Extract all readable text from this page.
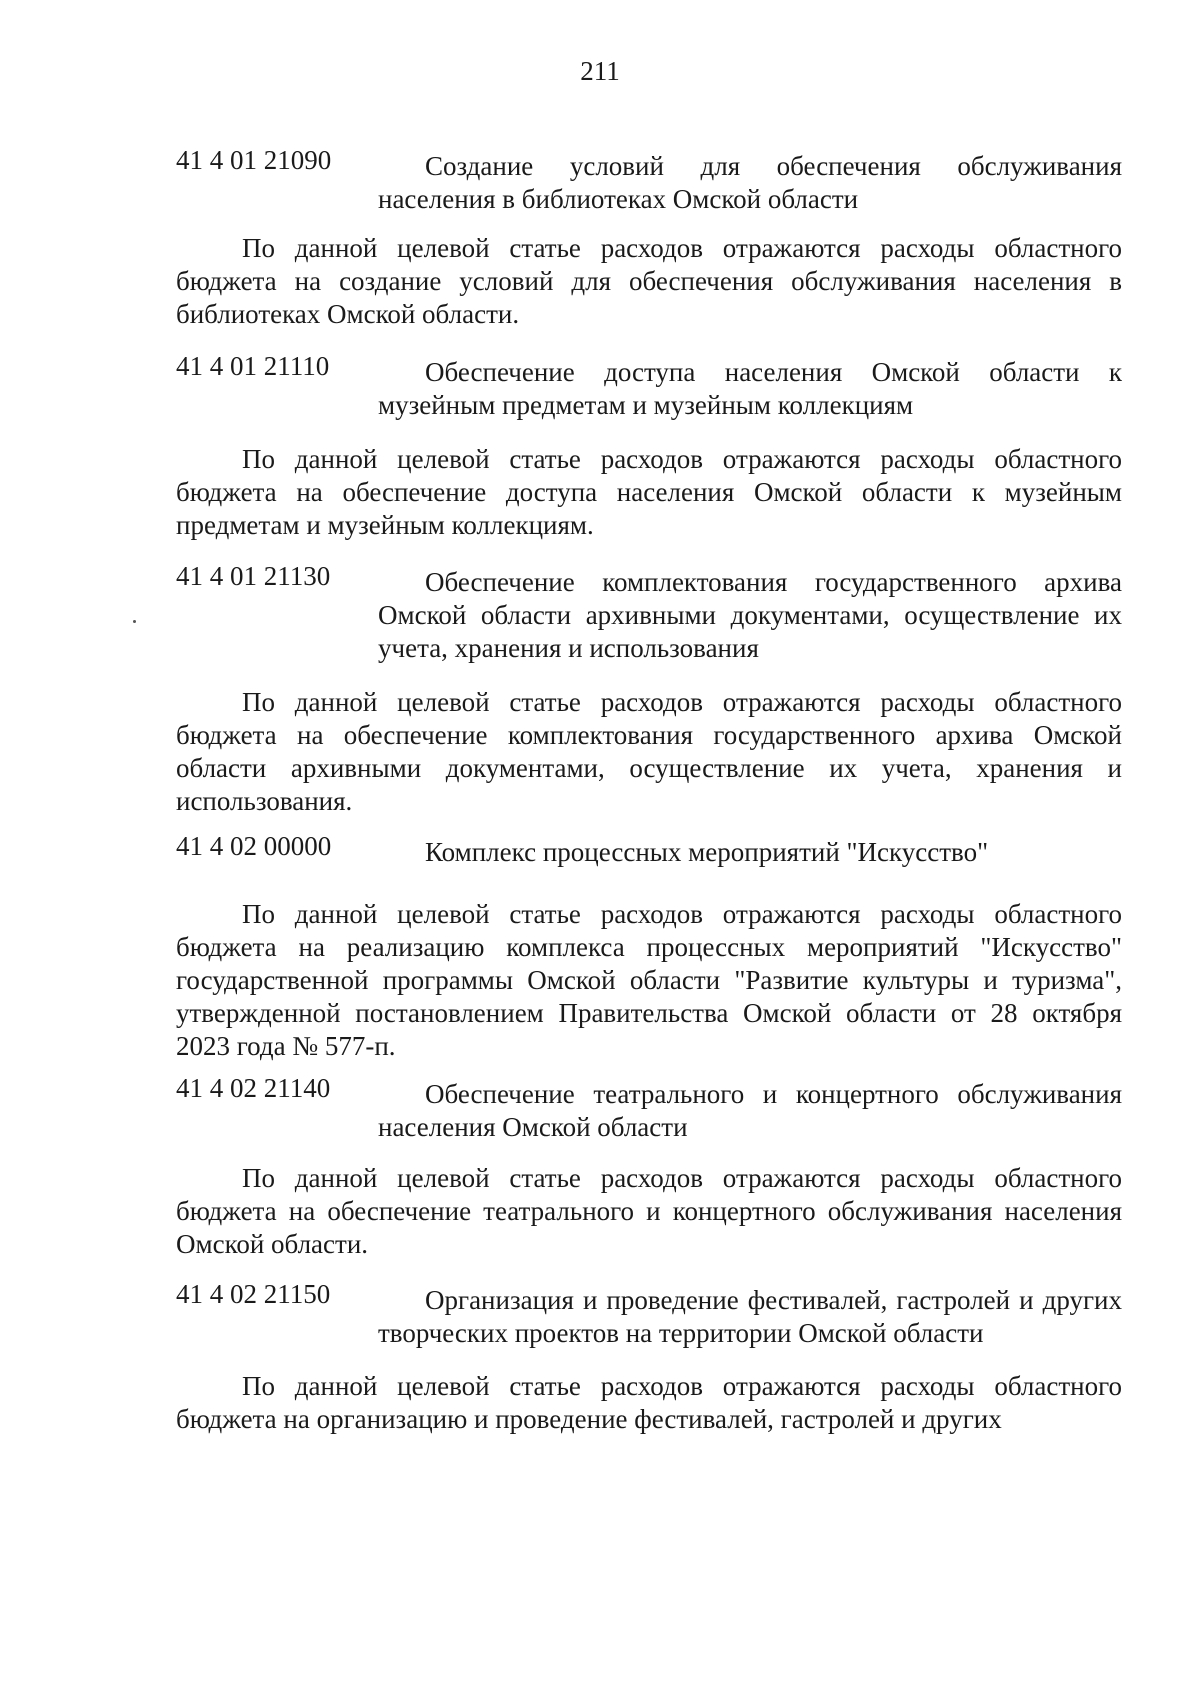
211
41 4 01 21090	Создание условий для обеспечения обслуживания населения в библиотеках Омской области
По данной целевой статье расходов отражаются расходы областного бюджета на создание условий для обеспечения обслуживания населения в библиотеках Омской области.
41 4 01 21110	Обеспечение доступа населения Омской области к музейным предметам и музейным коллекциям
По данной целевой статье расходов отражаются расходы областного бюджета на обеспечение доступа населения Омской области к музейным предметам и музейным коллекциям.
41 4 01 21130	Обеспечение комплектования государственного архива Омской области архивными документами, осуществление их учета, хранения и использования
По данной целевой статье расходов отражаются расходы областного бюджета на обеспечение комплектования государственного архива Омской области архивными документами, осуществление их учета, хранения и использования.
41 4 02 00000	Комплекс процессных мероприятий "Искусство"
По данной целевой статье расходов отражаются расходы областного бюджета на реализацию комплекса процессных мероприятий "Искусство" государственной программы Омской области "Развитие культуры и туризма", утвержденной постановлением Правительства Омской области от 28 октября 2023 года № 577-п.
41 4 02 21140	Обеспечение театрального и концертного обслуживания населения Омской области
По данной целевой статье расходов отражаются расходы областного бюджета на обеспечение театрального и концертного обслуживания населения Омской области.
41 4 02 21150	Организация и проведение фестивалей, гастролей и других творческих проектов на территории Омской области
По данной целевой статье расходов отражаются расходы областного бюджета на организацию и проведение фестивалей, гастролей и других
